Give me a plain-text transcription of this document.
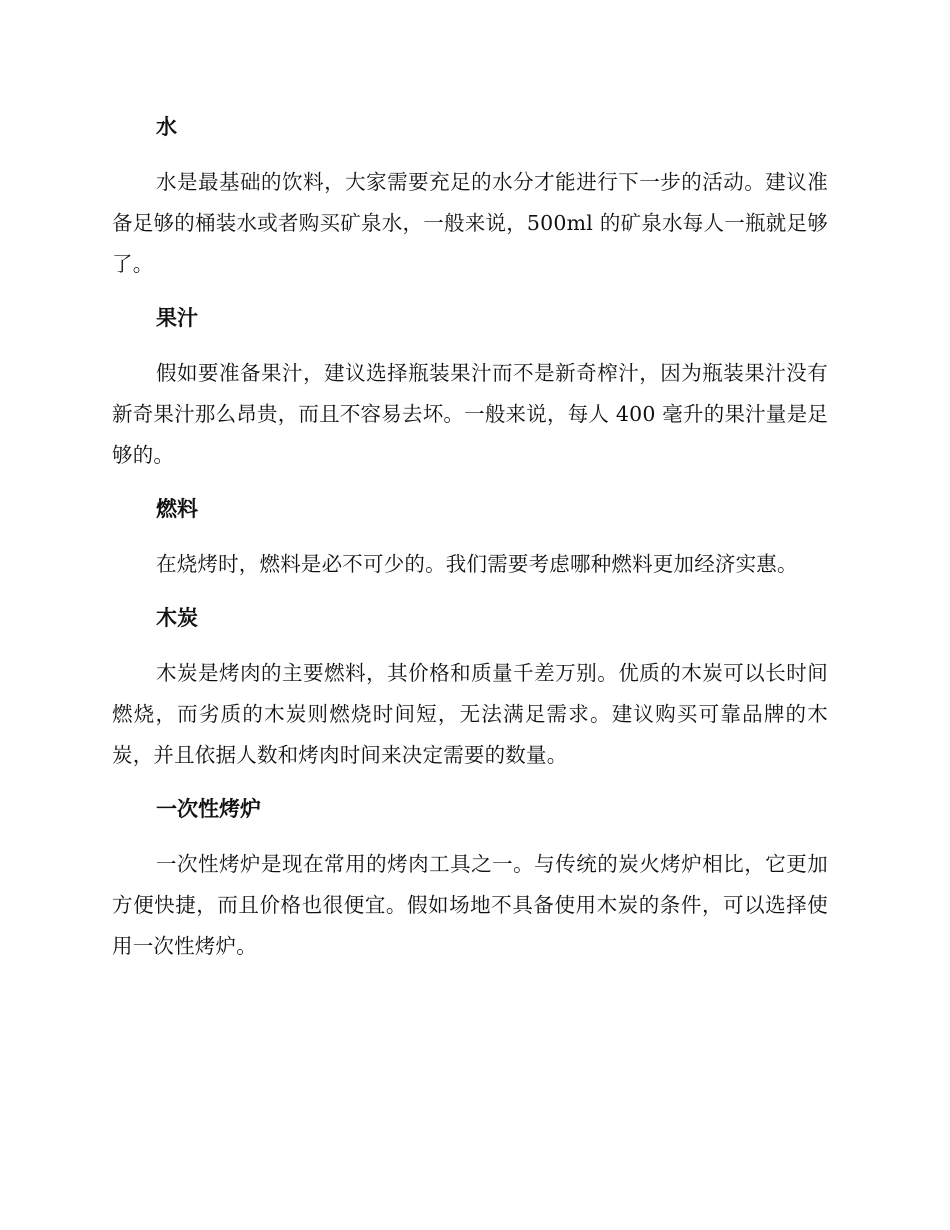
水

水是最基础的饮料，大家需要充足的水分才能进行下一步的活动。建议准备足够的桶装水或者购买矿泉水，一般来说，500ml 的矿泉水每人一瓶就足够了。

果汁

假如要准备果汁，建议选择瓶装果汁而不是新奇榨汁，因为瓶装果汁没有新奇果汁那么昂贵，而且不容易去坏。一般来说，每人 400 毫升的果汁量是足够的。

燃料

在烧烤时，燃料是必不可少的。我们需要考虑哪种燃料更加经济实惠。

木炭

木炭是烤肉的主要燃料，其价格和质量千差万别。优质的木炭可以长时间燃烧，而劣质的木炭则燃烧时间短，无法满足需求。建议购买可靠品牌的木炭，并且依据人数和烤肉时间来决定需要的数量。

一次性烤炉

一次性烤炉是现在常用的烤肉工具之一。与传统的炭火烤炉相比，它更加方便快捷，而且价格也很便宜。假如场地不具备使用木炭的条件，可以选择使用一次性烤炉。
